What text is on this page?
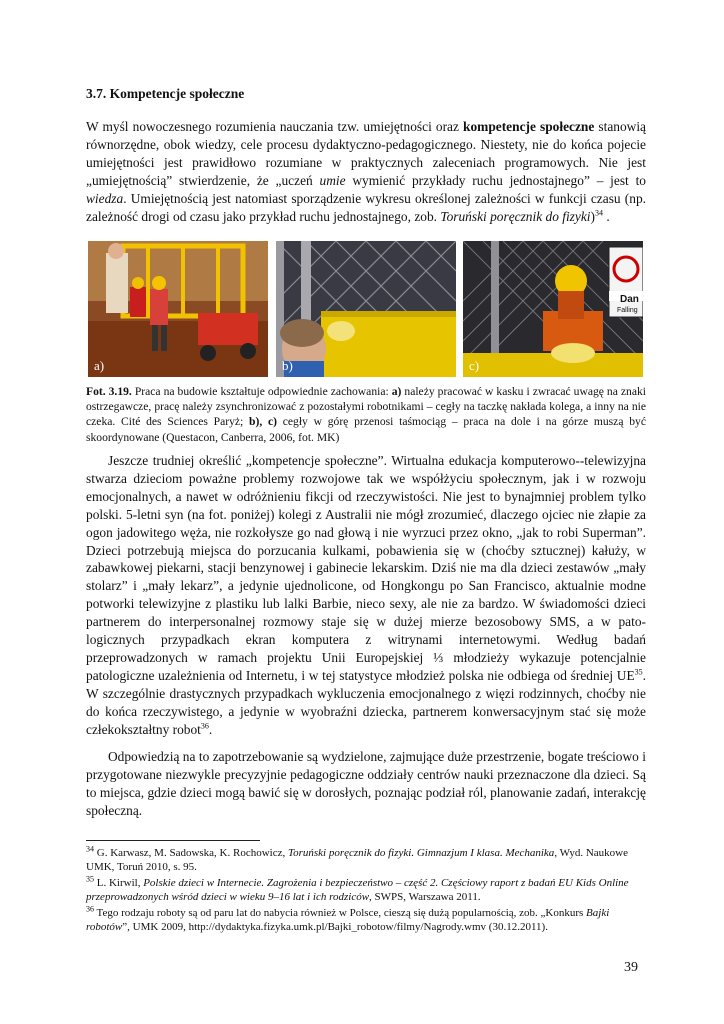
3.7. Kompetencje społeczne

W myśl nowoczesnego rozumienia nauczania tzw. umiejętności oraz kompetencje społeczne stanowią równorzędne, obok wiedzy, cele procesu dydaktyczno-pedagogicznego. Niestety, nie do końca pojecie umiejętności jest prawidłowo rozumiane w praktycznych zaleceniach programowych. Nie jest „umiejętnością” stwierdzenie, że „uczeń umie wymienić przykłady ruchu jednostajnego” – jest to wiedza. Umiejętnością jest natomiast sporządzenie wykresu określonej zależności w funkcji czasu (np. zależność drogi od czasu jako przykład ruchu jednostajnego, zob. Toruński poręcznik do fizyki)$^{34}$ .

a)	b)	c)
Dan
Falling

Fot. 3.19. Praca na budowie kształtuje odpowiednie zachowania: a) należy pracować w kasku i zwracać uwagę na znaki ostrzegawcze, pracę należy zsynchronizować z pozostałymi robotnikami – cegły na taczkę nakłada kolega, a inny na nie czeka. Cité des Sciences Paryż; b), c) cegły w górę przenosi taśmociąg – praca na dole i na górze muszą być skoordynowane (Questacon, Canberra, 2006, fot. MK)

Jeszcze trudniej określić „kompetencje społeczne”. Wirtualna edukacja komputerowo--telewizyjna stwarza dzieciom poważne problemy rozwojowe tak we współżyciu społecznym, jak i w rozwoju emocjonalnych, a nawet w odróżnieniu fikcji od rzeczywistości. Nie jest to bynajmniej problem tylko polski. 5-letni syn (na fot. poniżej) kolegi z Australii nie mógł zrozumieć, dlaczego ojciec nie złapie za ogon jadowitego węża, nie rozkołysze go nad głową i nie wyrzuci przez okno, „jak to robi Superman”. Dzieci potrzebują miejsca do porzucania kulkami, pobawienia się w (choćby sztucznej) kałuży, w zabawkowej piekarni, stacji benzynowej i gabinecie lekarskim. Dziś nie ma dla dzieci zestawów „mały stolarz” i „mały lekarz”, a jedynie ujednolicone, od Hongkongu po San Francisco, aktualnie modne potworki telewizyjne z plastiku lub lalki Barbie, nieco sexy, ale nie za bardzo. W świadomości dzieci partnerem do interpersonalnej rozmowy staje się w dużej mierze bezosobowy SMS, a w pato-logicznych przypadkach ekran komputera z witrynami internetowymi. Według badań przeprowadzonych w ramach projektu Unii Europejskiej ⅓ młodzieży wykazuje potencjalnie patologiczne uzależnienia od Internetu, i w tej statystyce młodzież polska nie odbiega od średniej UE$^{35}$. W szczególnie drastycznych przypadkach wykluczenia emocjonalnego z więzi rodzinnych, choćby nie do końca rzeczywistego, a jedynie w wyobraźni dziecka, partnerem konwersacyjnym stać się może człekokształtny robot$^{36}$.

Odpowiedzią na to zapotrzebowanie są wydzielone, zajmujące duże przestrzenie, bogate treściowo i przygotowane niezwykle precyzyjnie pedagogiczne oddziały centrów nauki przeznaczone dla dzieci. Są to miejsca, gdzie dzieci mogą bawić się w dorosłych, poznając podział ról, planowanie zadań, interakcję społeczną.

$^{34}$ G. Karwasz, M. Sadowska, K. Rochowicz, Toruński poręcznik do fizyki. Gimnazjum I klasa. Mechanika, Wyd. Naukowe UMK, Toruń 2010, s. 95.

$^{35}$ L. Kirwil, Polskie dzieci w Internecie. Zagrożenia i bezpieczeństwo – część 2. Częściowy raport z badań EU Kids Online przeprowadzonych wśród dzieci w wieku 9–16 lat i ich rodziców, SWPS, Warszawa 2011.

$^{36}$ Tego rodzaju roboty są od paru lat do nabycia również w Polsce, cieszą się dużą popularnością, zob. „Konkurs Bajki robotów”, UMK 2009, http://dydaktyka.fizyka.umk.pl/Bajki_robotow/filmy/Nagrody.wmv (30.12.2011).

39
